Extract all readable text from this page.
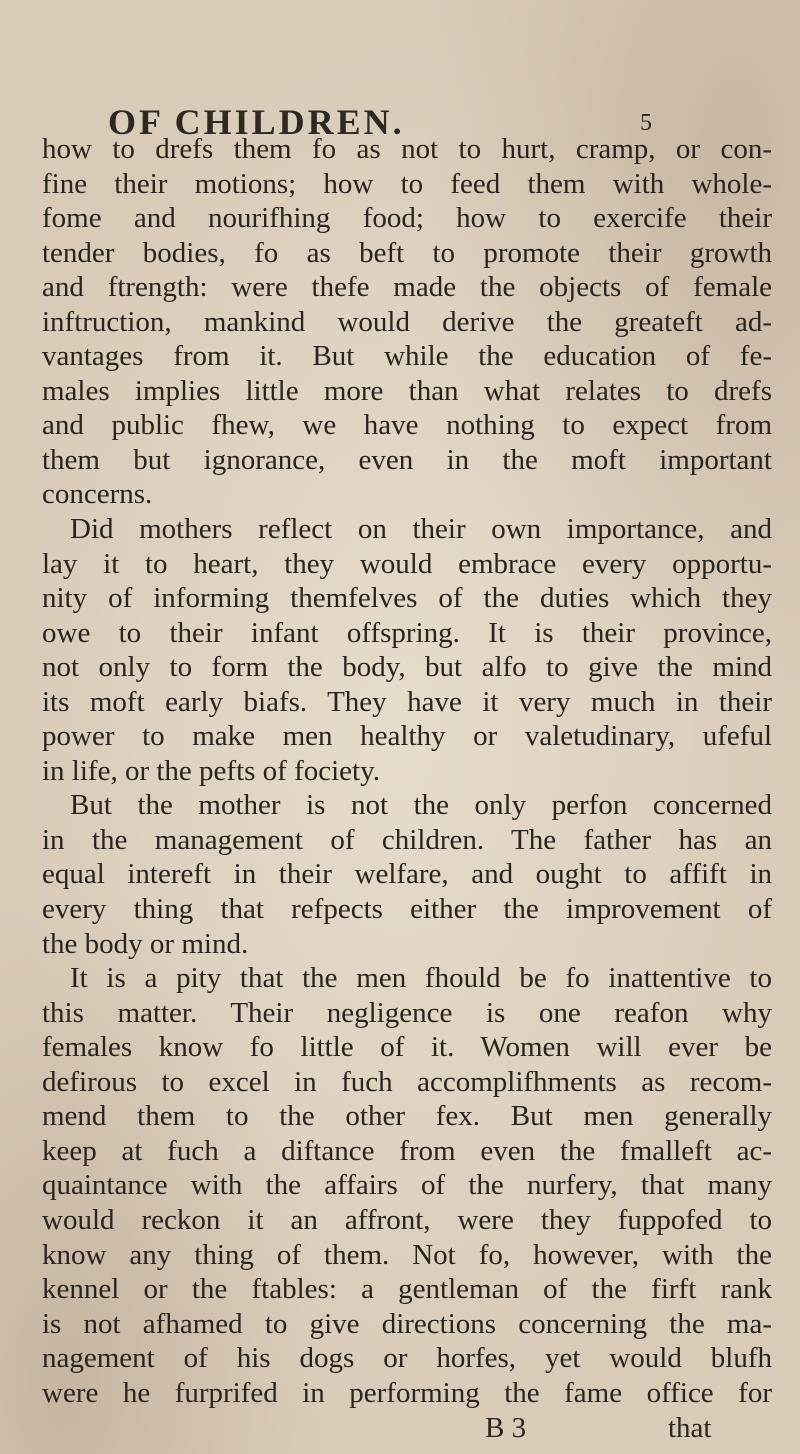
OF CHILDREN.	5
how to drefs them fo as not to hurt, cramp, or con-
fine their motions; how to feed them with whole-
fome and nourifhing food; how to exercife their
tender bodies, fo as beft to promote their growth
and ftrength: were thefe made the objects of female
inftruction, mankind would derive the greateft ad-
vantages from it. But while the education of fe-
males implies little more than what relates to drefs
and public fhew, we have nothing to expect from
them but ignorance, even in the moft important
concerns.
Did mothers reflect on their own importance, and
lay it to heart, they would embrace every opportu-
nity of informing themfelves of the duties which they
owe to their infant offspring. It is their province,
not only to form the body, but alfo to give the mind
its moft early biafs. They have it very much in their
power to make men healthy or valetudinary, ufeful
in life, or the pefts of fociety.
But the mother is not the only perfon concerned
in the management of children. The father has an
equal intereft in their welfare, and ought to affift in
every thing that refpects either the improvement of
the body or mind.
It is a pity that the men fhould be fo inattentive to
this matter. Their negligence is one reafon why
females know fo little of it. Women will ever be
defirous to excel in fuch accomplifhments as recom-
mend them to the other fex. But men generally
keep at fuch a diftance from even the fmalleft ac-
quaintance with the affairs of the nurfery, that many
would reckon it an affront, were they fuppofed to
know any thing of them. Not fo, however, with the
kennel or the ftables: a gentleman of the firft rank
is not afhamed to give directions concerning the ma-
nagement of his dogs or horfes, yet would blufh
were he furprifed in performing the fame office for
B 3	that
